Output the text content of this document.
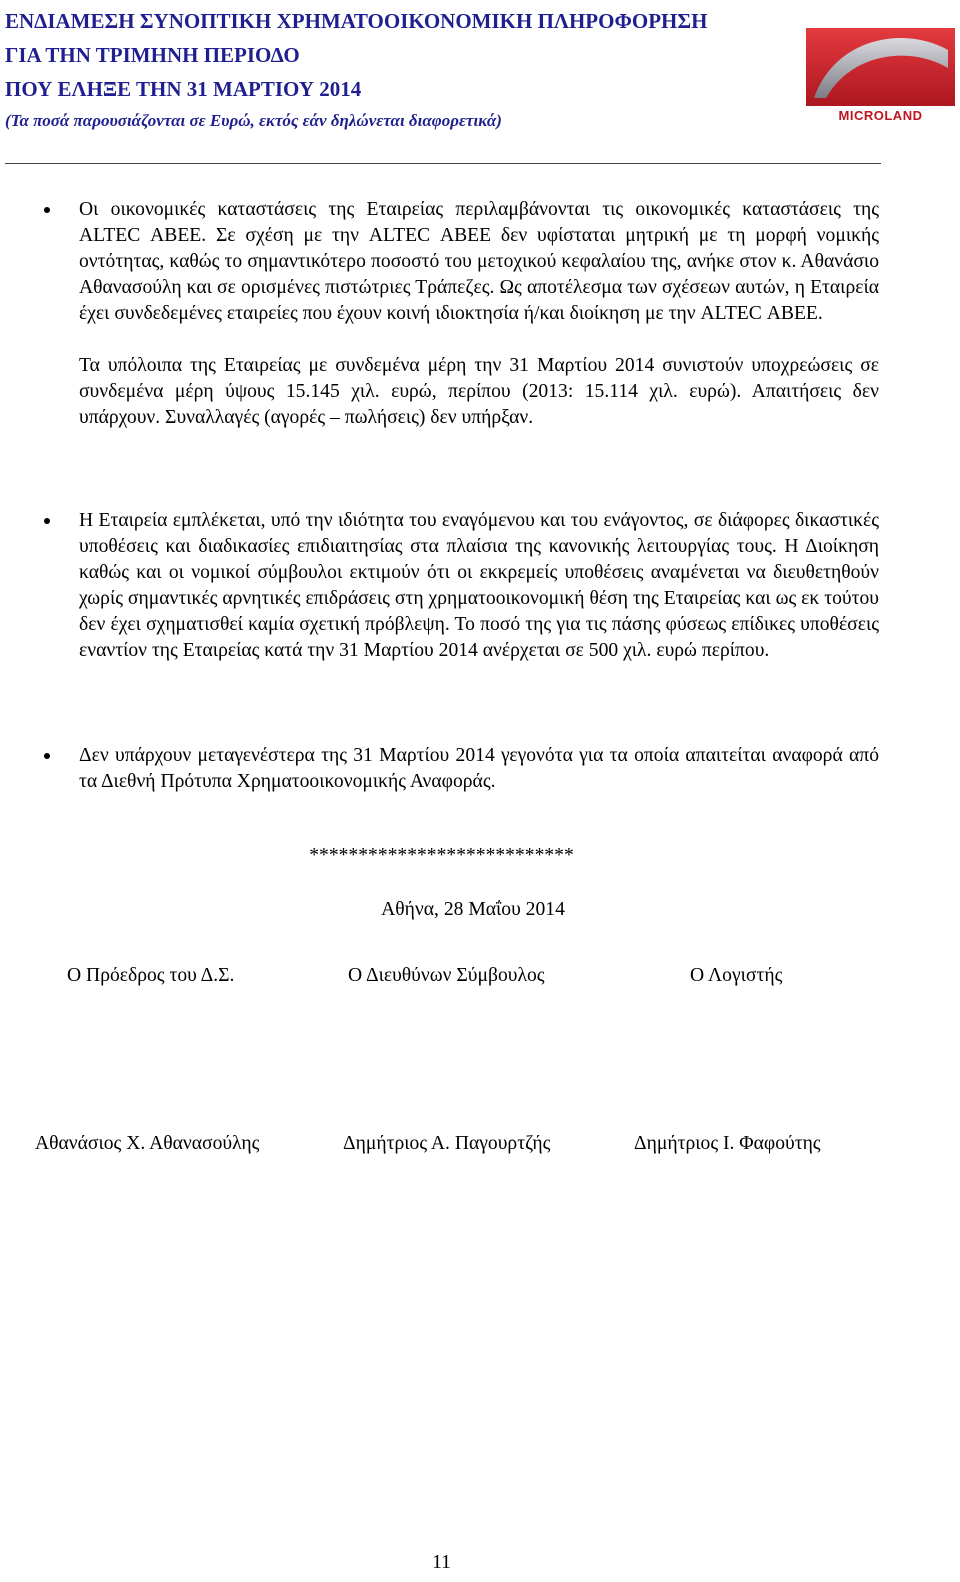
ΕΝΔΙΑΜΕΣΗ ΣΥΝΟΠΤΙΚΗ ΧΡΗΜΑΤΟΟΙΚΟΝΟΜΙΚΗ ΠΛΗΡΟΦΟΡΗΣΗ
ΓΙΑ ΤΗΝ ΤΡΙΜΗΝΗ ΠΕΡΙΟΔΟ
ΠΟΥ ΕΛΗΞΕ ΤΗΝ 31 ΜΑΡΤΙΟΥ 2014
(Τα ποσά παρουσιάζονται σε Ευρώ, εκτός εάν δηλώνεται διαφορετικά)	MICROLAND

Οι οικονομικές καταστάσεις της Εταιρείας περιλαμβάνονται τις οικονομικές καταστάσεις της ALTEC ΑΒΕΕ. Σε σχέση με την ALTEC ΑΒΕΕ δεν υφίσταται μητρική με τη μορφή νομικής οντότητας, καθώς το σημαντικότερο ποσοστό του μετοχικού κεφαλαίου της, ανήκε στον κ. Αθανάσιο Αθανασούλη και σε ορισμένες πιστώτριες Τράπεζες. Ως αποτέλεσμα των σχέσεων αυτών, η Εταιρεία έχει συνδεδεμένες εταιρείες που έχουν κοινή ιδιοκτησία ή/και διοίκηση με την ALTEC ΑΒΕΕ.

Τα υπόλοιπα της Εταιρείας με συνδεμένα μέρη την 31 Μαρτίου 2014 συνιστούν υποχρεώσεις σε συνδεμένα μέρη ύψους 15.145 χιλ. ευρώ, περίπου (2013: 15.114 χιλ. ευρώ). Απαιτήσεις δεν υπάρχουν. Συναλλαγές (αγορές – πωλήσεις) δεν υπήρξαν.

Η Εταιρεία εμπλέκεται, υπό την ιδιότητα του εναγόμενου και του ενάγοντος, σε διάφορες δικαστικές υποθέσεις και διαδικασίες επιδιαιτησίας στα πλαίσια της κανονικής λειτουργίας τους. Η Διοίκηση καθώς και οι νομικοί σύμβουλοι εκτιμούν ότι οι εκκρεμείς υποθέσεις αναμένεται να διευθετηθούν χωρίς σημαντικές αρνητικές επιδράσεις στη χρηματοοικονομική θέση της Εταιρείας και ως εκ τούτου δεν έχει σχηματισθεί καμία σχετική πρόβλεψη. Το ποσό της για τις πάσης φύσεως επίδικες υποθέσεις εναντίον της Εταιρείας κατά την 31 Μαρτίου 2014 ανέρχεται σε 500 χιλ. ευρώ περίπου.

Δεν υπάρχουν μεταγενέστερα της 31 Μαρτίου 2014 γεγονότα για τα οποία απαιτείται αναφορά από τα Διεθνή Πρότυπα Χρηματοοικονομικής Αναφοράς.

***************************
Αθήνα, 28 Μαΐου 2014
Ο Πρόεδρος του Δ.Σ.	Ο Διευθύνων Σύμβουλος	Ο Λογιστής
Αθανάσιος Χ. Αθανασούλης	Δημήτριος Α. Παγουρτζής	Δημήτριος Ι. Φαφούτης
11
